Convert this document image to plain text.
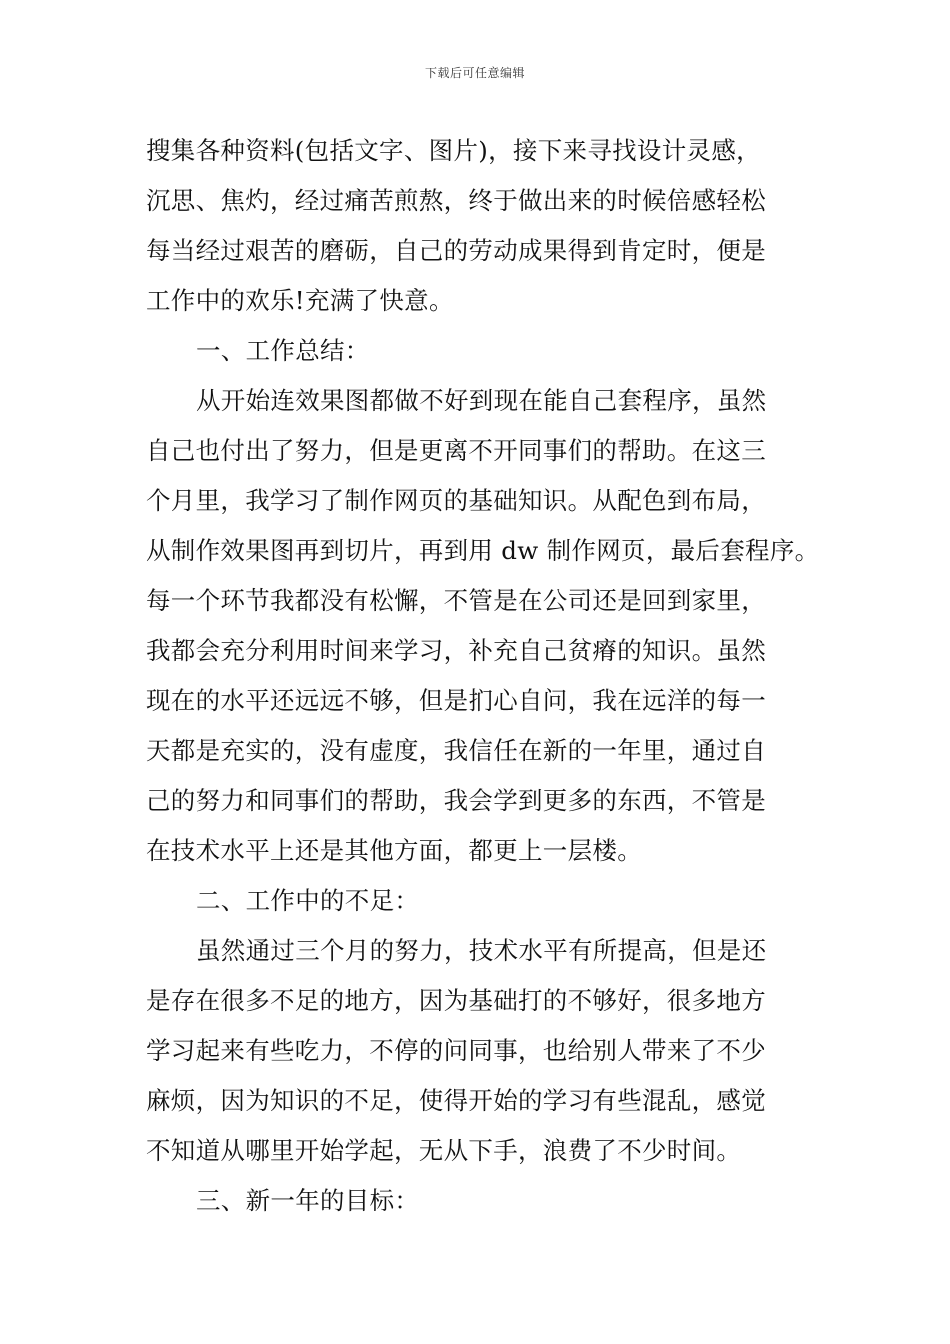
下载后可任意编辑
搜集各种资料(包括文字、图片)，接下来寻找设计灵感，
沉思、焦灼，经过痛苦煎熬，终于做出来的时候倍感轻松
每当经过艰苦的磨砺，自己的劳动成果得到肯定时，便是
工作中的欢乐!充满了快意。
一、工作总结：
从开始连效果图都做不好到现在能自己套程序，虽然
自己也付出了努力，但是更离不开同事们的帮助。在这三
个月里，我学习了制作网页的基础知识。从配色到布局，
从制作效果图再到切片，再到用 dw 制作网页，最后套程序。
每一个环节我都没有松懈，不管是在公司还是回到家里，
我都会充分利用时间来学习，补充自己贫瘠的知识。虽然
现在的水平还远远不够，但是扪心自问，我在远洋的每一
天都是充实的，没有虚度，我信任在新的一年里，通过自
己的努力和同事们的帮助，我会学到更多的东西，不管是
在技术水平上还是其他方面，都更上一层楼。
二、工作中的不足：
虽然通过三个月的努力，技术水平有所提高，但是还
是存在很多不足的地方，因为基础打的不够好，很多地方
学习起来有些吃力，不停的问同事，也给别人带来了不少
麻烦，因为知识的不足，使得开始的学习有些混乱，感觉
不知道从哪里开始学起，无从下手，浪费了不少时间。
三、新一年的目标：
